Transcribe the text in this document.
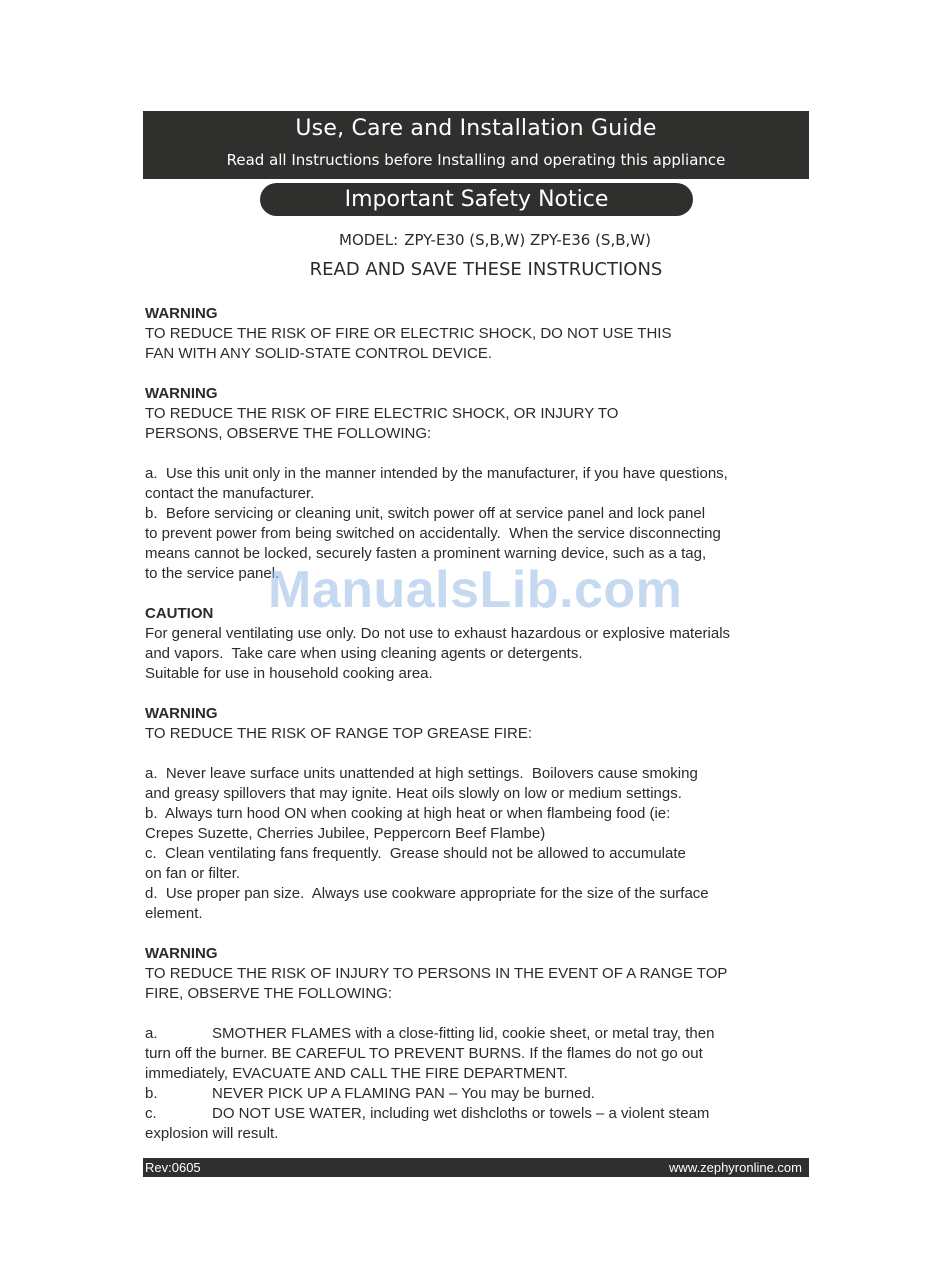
Use, Care and Installation Guide
Read all Instructions before Installing and operating this appliance
Important Safety Notice
MODEL: ZPY-E30 (S,B,W) ZPY-E36 (S,B,W)
READ AND SAVE THESE INSTRUCTIONS
WARNING
TO REDUCE THE RISK OF FIRE OR ELECTRIC SHOCK, DO NOT USE THIS
FAN WITH ANY SOLID-STATE CONTROL DEVICE.
WARNING
TO REDUCE THE RISK OF FIRE ELECTRIC SHOCK, OR INJURY TO
PERSONS, OBSERVE THE FOLLOWING:
a.  Use this unit only in the manner intended by the manufacturer, if you have questions,
contact the manufacturer.
b.  Before servicing or cleaning unit, switch power off at service panel and lock panel
to prevent power from being switched on accidentally.  When the service disconnecting
means cannot be locked, securely fasten a prominent warning device, such as a tag,
to the service panel.
CAUTION
For general ventilating use only. Do not use to exhaust hazardous or explosive materials
and vapors.  Take care when using cleaning agents or detergents.
Suitable for use in household cooking area.
WARNING
TO REDUCE THE RISK OF RANGE TOP GREASE FIRE:
a.  Never leave surface units unattended at high settings.  Boilovers cause smoking
and greasy spillovers that may ignite. Heat oils slowly on low or medium settings.
b.  Always turn hood ON when cooking at high heat or when flambeing food (ie:
Crepes Suzette, Cherries Jubilee, Peppercorn Beef Flambe)
c.  Clean ventilating fans frequently.  Grease should not be allowed to accumulate
on fan or filter.
d.  Use proper pan size.  Always use cookware appropriate for the size of the surface
element.
WARNING
TO REDUCE THE RISK OF INJURY TO PERSONS IN THE EVENT OF A RANGE TOP
FIRE, OBSERVE THE FOLLOWING:
a.	SMOTHER FLAMES with a close-fitting lid, cookie sheet, or metal tray, then
turn off the burner. BE CAREFUL TO PREVENT BURNS. If the flames do not go out
immediately, EVACUATE AND CALL THE FIRE DEPARTMENT.
b.	NEVER PICK UP A FLAMING PAN – You may be burned.
c.	DO NOT USE WATER, including wet dishcloths or towels – a violent steam
explosion will result.
ManualsLib.com
Rev:0605	www.zephyronline.com
